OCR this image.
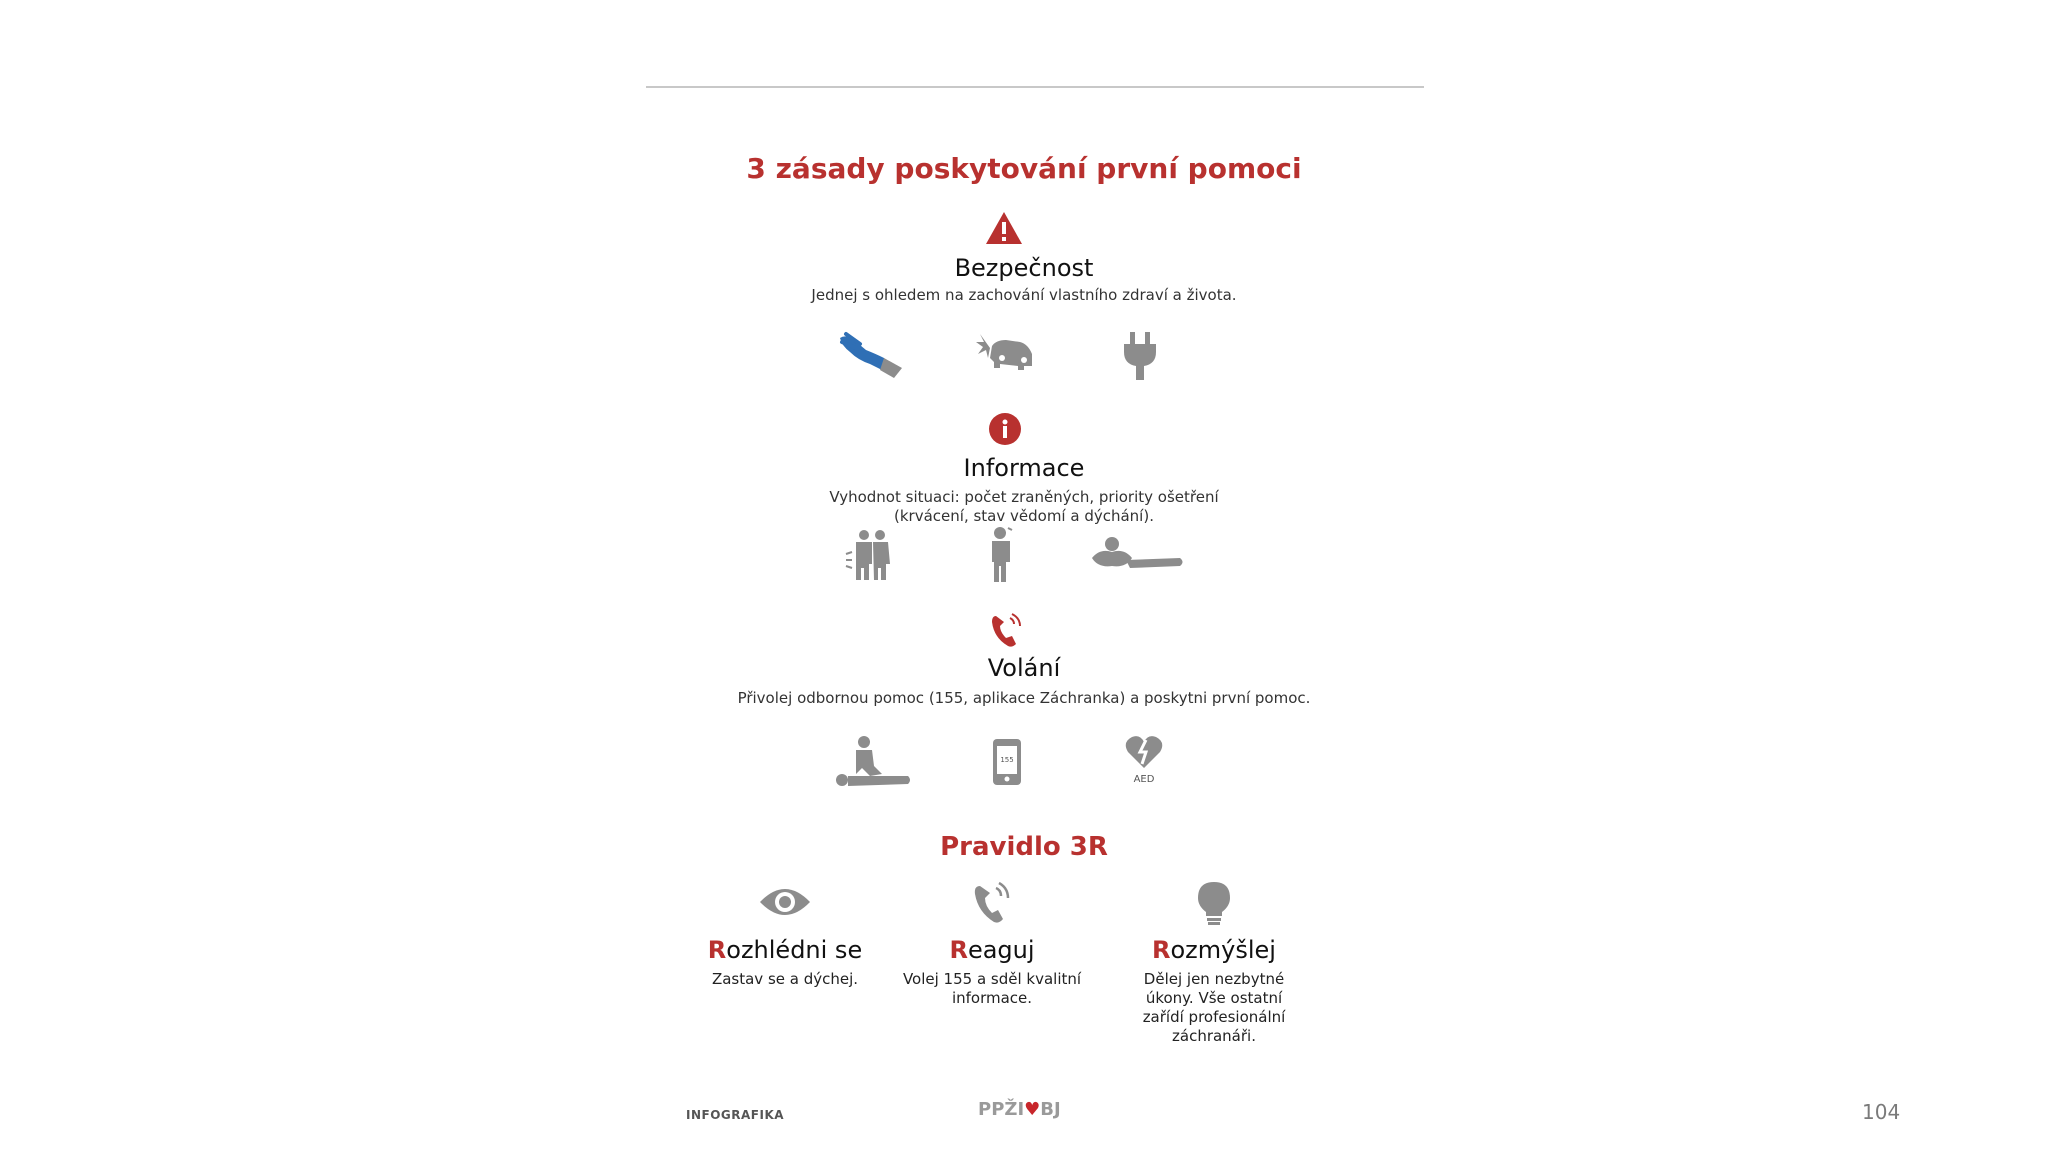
3 zásady poskytování první pomoci
Bezpečnost
Jednej s ohledem na zachování vlastního zdraví a života.
Informace
Vyhodnot situaci: počet zraněných, priority ošetření
(krvácení, stav vědomí a dýchání).
Volání
Přivolej odbornou pomoc (155, aplikace Záchranka) a poskytni první pomoc.
155
AED
Pravidlo 3R
Rozhlédni se
Zastav se a dýchej.
Reaguj
Volej 155 a sděl kvalitní
informace.
Rozmýšlej
Dělej jen nezbytné
úkony. Vše ostatní
zařídí profesionální
záchranáři.
INFOGRAFIKA	PPŽI♥BJ	104
